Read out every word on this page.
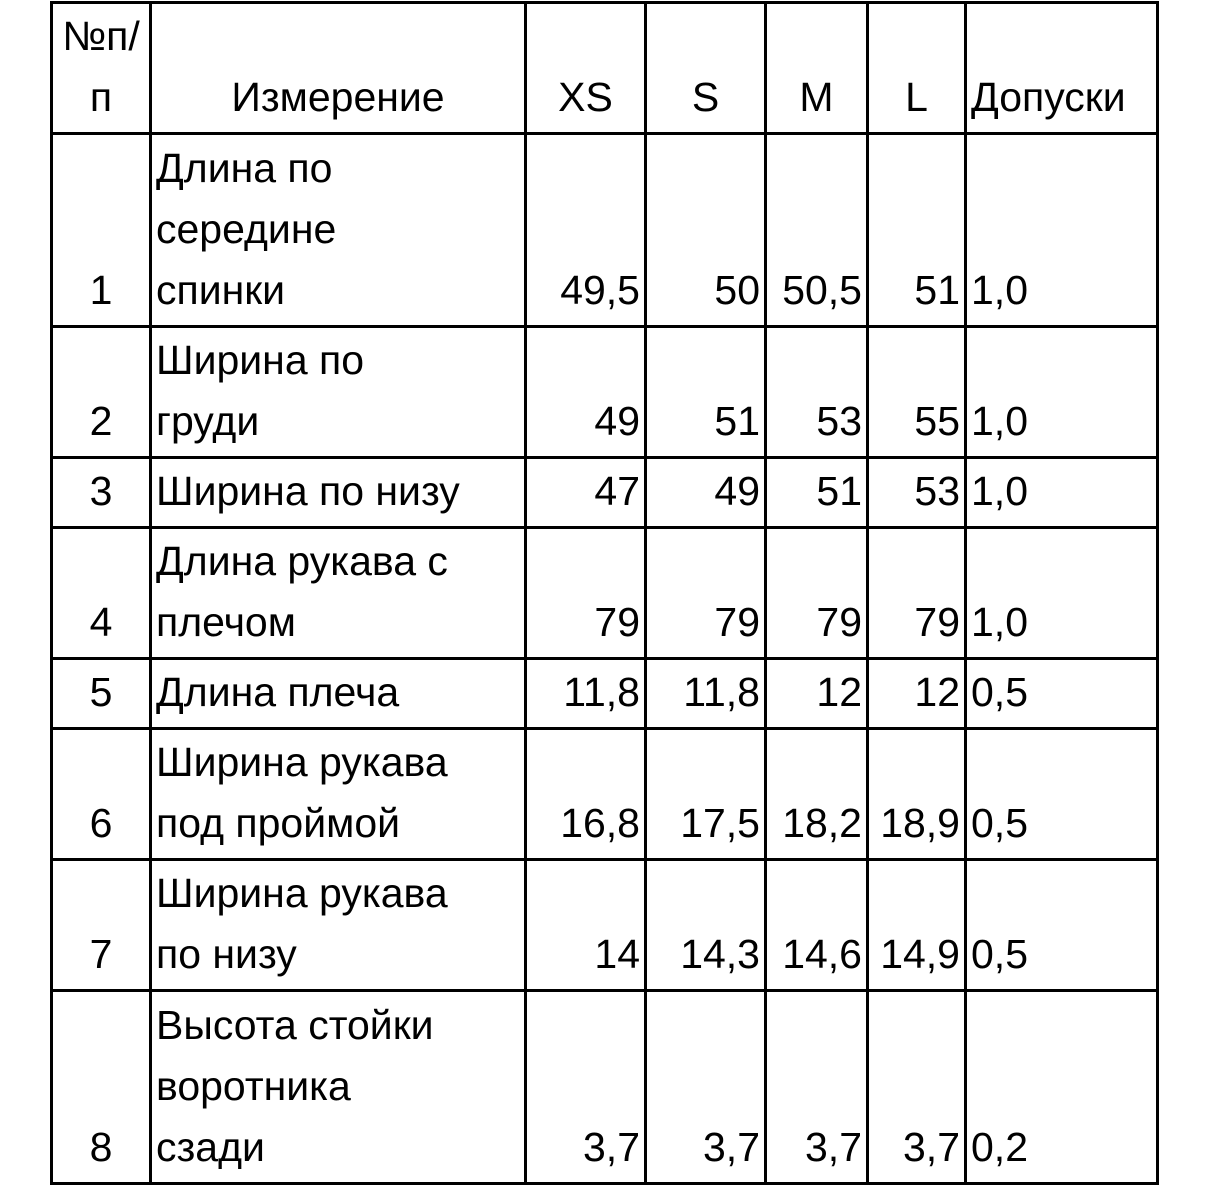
№п/
п	Измерение	XS	S	M	L	Допуски
1	Длина по
середине
спинки	49,5	50	50,5	51	1,0
2	Ширина по
груди	49	51	53	55	1,0
3	Ширина по низу	47	49	51	53	1,0
4	Длина рукава с
плечом	79	79	79	79	1,0
5	Длина плеча	11,8	11,8	12	12	0,5
6	Ширина рукава
под проймой	16,8	17,5	18,2	18,9	0,5
7	Ширина рукава
по низу	14	14,3	14,6	14,9	0,5
8	Высота стойки
воротника
сзади	3,7	3,7	3,7	3,7	0,2
